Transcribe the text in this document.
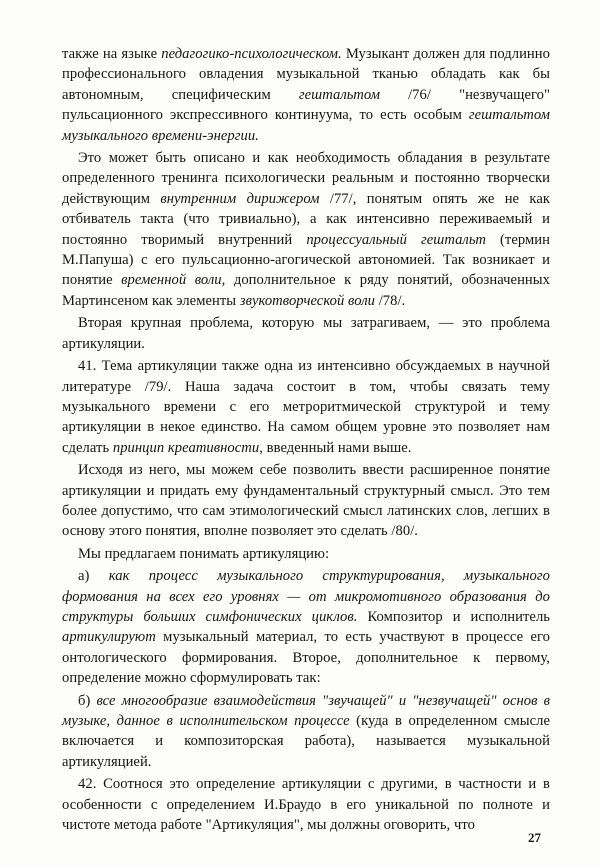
также на языке педагогико-психологическом. Музыкант должен для подлинно профессионального овладения музыкальной тканью обладать как бы автономным, специфическим гештальтом /76/ "незвучащего" пульсационного экспрессивного континуума, то есть особым гештальтом музыкального времени-энергии.

Это может быть описано и как необходимость обладания в результате определенного тренинга психологически реальным и постоянно творчески действующим внутренним дирижером /77/, понятым опять же не как отбиватель такта (что тривиально), а как интенсивно переживаемый и постоянно творимый внутренний процессуальный гештальт (термин М.Папуша) с его пульсационно-агогической автономией. Так возникает и понятие временной воли, дополнительное к ряду понятий, обозначенных Мартинсеном как элементы звукотворческой воли /78/.

Вторая крупная проблема, которую мы затрагиваем, — это проблема артикуляции.

41. Тема артикуляции также одна из интенсивно обсуждаемых в научной литературе /79/. Наша задача состоит в том, чтобы связать тему музыкального времени с его метроритмической структурой и тему артикуляции в некое единство. На самом общем уровне это позволяет нам сделать принцип креативности, введенный нами выше.

Исходя из него, мы можем себе позволить ввести расширенное понятие артикуляции и придать ему фундаментальный структурный смысл. Это тем более допустимо, что сам этимологический смысл латинских слов, легших в основу этого понятия, вполне позволяет это сделать /80/.

Мы предлагаем понимать артикуляцию:

а) как процесс музыкального структурирования, музыкального формования на всех его уровнях — от микромотивного образования до структуры больших симфонических циклов. Композитор и исполнитель артикулируют музыкальный материал, то есть участвуют в процессе его онтологического формирования. Второе, дополнительное к первому, определение можно сформулировать так:

б) все многообразие взаимодействия "звучащей" и "незвучащей" основ в музыке, данное в исполнительском процессе (куда в определенном смысле включается и композиторская работа), называется музыкальной артикуляцией.

42. Соотнося это определение артикуляции с другими, в частности и в особенности с определением И.Браудо в его уникальной по полноте и чистоте метода работе "Артикуляция", мы должны оговорить, что

27
